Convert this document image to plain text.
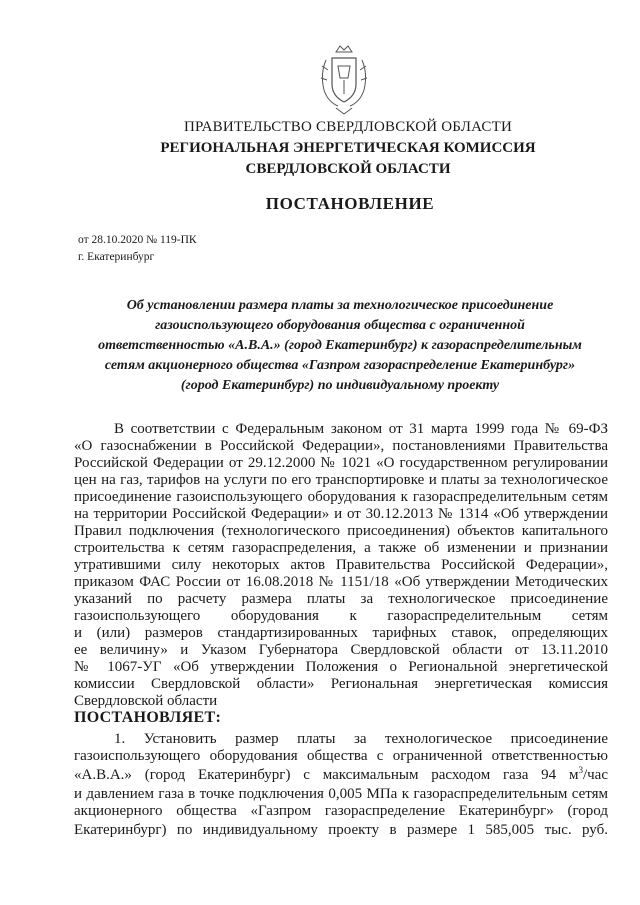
ПРАВИТЕЛЬСТВО СВЕРДЛОВСКОЙ ОБЛАСТИ
РЕГИОНАЛЬНАЯ ЭНЕРГЕТИЧЕСКАЯ КОМИССИЯ
СВЕРДЛОВСКОЙ ОБЛАСТИ
ПОСТАНОВЛЕНИЕ
от 28.10.2020 № 119-ПК
г. Екатеринбург
Об установлении размера платы за технологическое присоединение
газоиспользующего оборудования общества с ограниченной
ответственностью «А.В.А.» (город Екатеринбург) к газораспределительным
сетям акционерного общества «Газпром газораспределение Екатеринбург»
(город Екатеринбург) по индивидуальному проекту
В соответствии с Федеральным законом от 31 марта 1999 года № 69-ФЗ
«О газоснабжении в Российской Федерации», постановлениями Правительства
Российской Федерации от 29.12.2000 № 1021 «О государственном регулировании
цен на газ, тарифов на услуги по его транспортировке и платы за технологическое
присоединение газоиспользующего оборудования к газораспределительным сетям
на территории Российской Федерации» и от 30.12.2013 № 1314 «Об утверждении
Правил подключения (технологического присоединения) объектов капитального
строительства к сетям газораспределения, а также об изменении и признании
утратившими силу некоторых актов Правительства Российской Федерации»,
приказом ФАС России от 16.08.2018 № 1151/18 «Об утверждении Методических
указаний по расчету размера платы за технологическое присоединение
газоиспользующего оборудования к газораспределительным сетям
и (или) размеров стандартизированных тарифных ставок, определяющих
ее величину» и Указом Губернатора Свердловской области от 13.11.2010
№ 1067-УГ «Об утверждении Положения о Региональной энергетической
комиссии Свердловской области» Региональная энергетическая комиссия
Свердловской области
ПОСТАНОВЛЯЕТ:
1. Установить размер платы за технологическое присоединение
газоиспользующего оборудования общества с ограниченной ответственностью
«А.В.А.» (город Екатеринбург) с максимальным расходом газа 94 $м^3$/час
и давлением газа в точке подключения 0,005 МПа к газораспределительным сетям
акционерного общества «Газпром газораспределение Екатеринбург» (город
Екатеринбург) по индивидуальному проекту в размере 1 585,005 тыс. руб.
